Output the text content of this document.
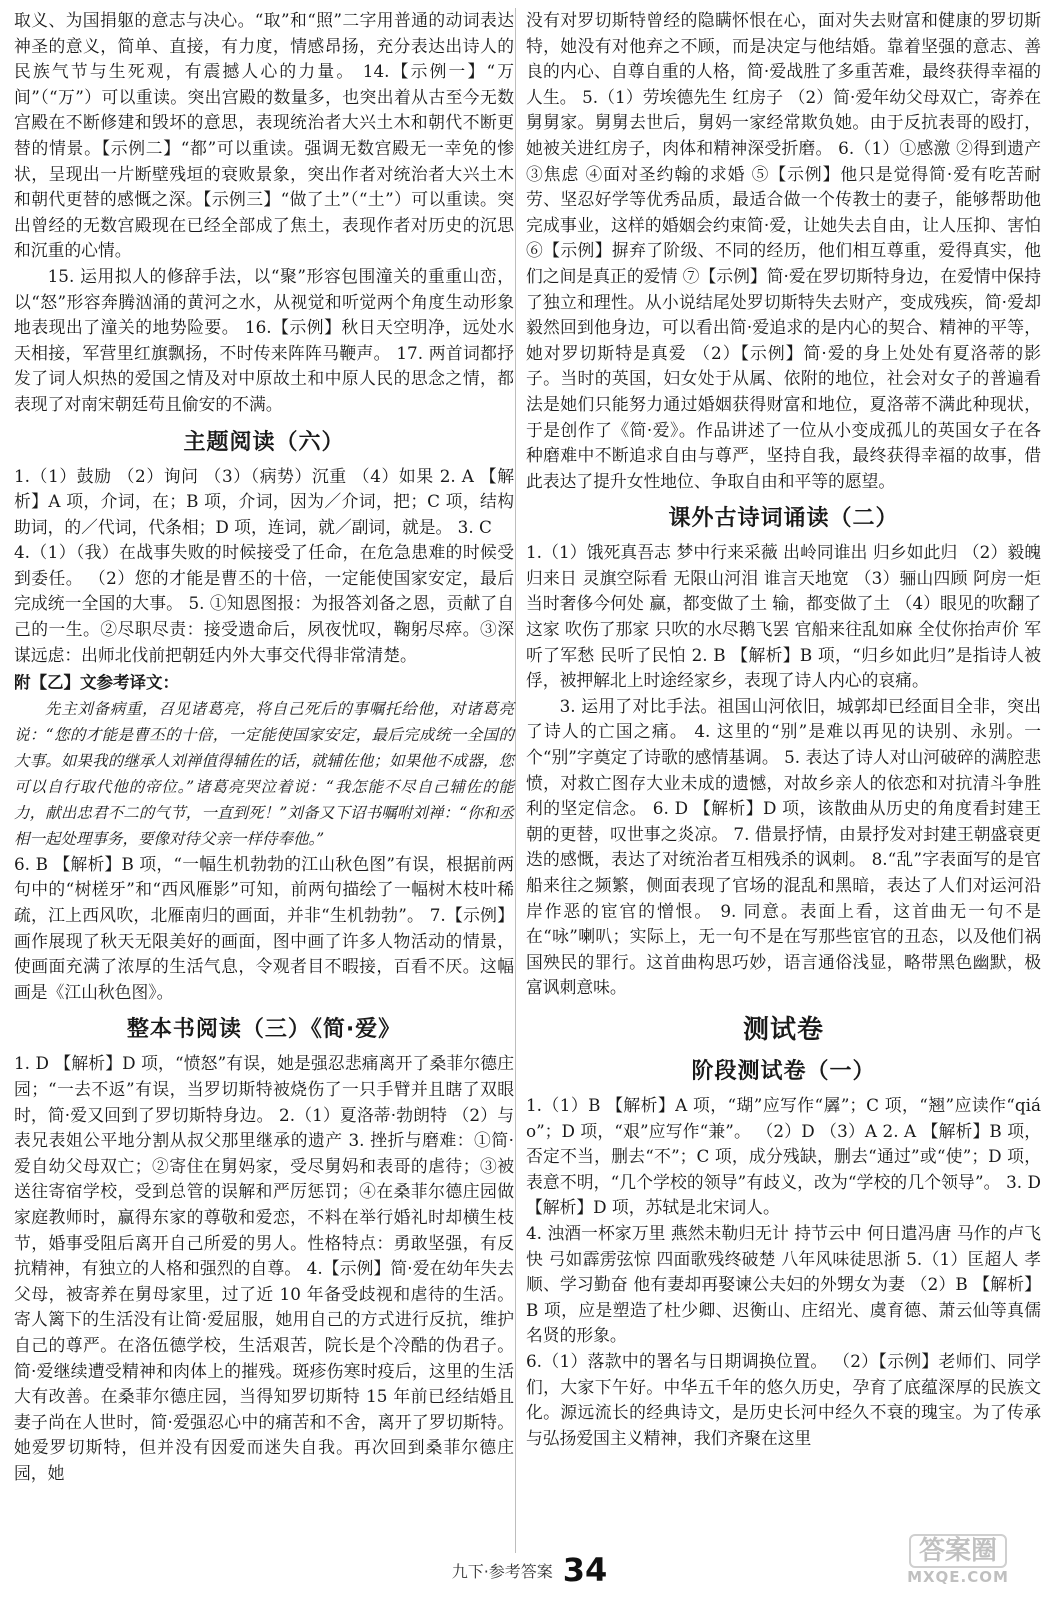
取义、为国捐躯的意志与决心。“取”和“照”二字用普通的动词表达神圣的意义，简单、直接，有力度，情感昂扬，充分表达出诗人的民族气节与生死观，有震撼人心的力量。 14.【示例一】“万间”（“万”）可以重读。突出宫殿的数量多，也突出着从古至今无数宫殿在不断修建和毁坏的意思，表现统治者大兴土木和朝代不断更替的情景。【示例二】“都”可以重读。强调无数宫殿无一幸免的惨状，呈现出一片断壁残垣的衰败景象，突出作者对统治者大兴土木和朝代更替的感慨之深。【示例三】“做了土”（“土”）可以重读。突出曾经的无数宫殿现在已经全部成了焦土，表现作者对历史的沉思和沉重的心情。

15. 运用拟人的修辞手法，以“聚”形容包围潼关的重重山峦，以“怒”形容奔腾汹涌的黄河之水，从视觉和听觉两个角度生动形象地表现出了潼关的地势险要。 16.【示例】秋日天空明净，远处水天相接，军营里红旗飘扬，不时传来阵阵马鞭声。 17. 两首词都抒发了词人炽热的爱国之情及对中原故土和中原人民的思念之情，都表现了对南宋朝廷苟且偷安的不满。

主题阅读（六）

1.（1）鼓励 （2）询问 （3）（病势）沉重 （4）如果 2. A 【解析】A 项，介词，在；B 项，介词，因为／介词，把；C 项，结构助词，的／代词，代条相；D 项，连词，就／副词，就是。 3. C

4.（1）（我）在战事失败的时候接受了任命，在危急患难的时候受到委任。 （2）您的才能是曹丕的十倍，一定能使国家安定，最后完成统一全国的大事。 5. ①知恩图报：为报答刘备之恩，贡献了自己的一生。②尽职尽责：接受遗命后，夙夜忧叹，鞠躬尽瘁。③深谋远虑：出师北伐前把朝廷内外大事交代得非常清楚。

附【乙】文参考译文：

先主刘备病重，召见诸葛亮，将自己死后的事嘱托给他，对诸葛亮说：“您的才能是曹丕的十倍，一定能使国家安定，最后完成统一全国的大事。如果我的继承人刘禅值得辅佐的话，就辅佐他；如果他不成器，您可以自行取代他的帝位。”诸葛亮哭泣着说：“我怎能不尽自己辅佐的能力，献出忠君不二的气节，一直到死！”刘备又下诏书嘱咐刘禅：“你和丞相一起处理事务，要像对待父亲一样侍奉他。”

6. B 【解析】B 项，“一幅生机勃勃的江山秋色图”有误，根据前两句中的“树槎牙”和“西风雁影”可知，前两句描绘了一幅树木枝叶稀疏，江上西风吹，北雁南归的画面，并非“生机勃勃”。 7.【示例】画作展现了秋天无限美好的画面，图中画了许多人物活动的情景，使画面充满了浓厚的生活气息，令观者目不暇接，百看不厌。这幅画是《江山秋色图》。

整本书阅读（三）《简·爱》

1. D 【解析】D 项，“愤怒”有误，她是强忍悲痛离开了桑菲尔德庄园；“一去不返”有误，当罗切斯特被烧伤了一只手臂并且瞎了双眼时，简·爱又回到了罗切斯特身边。 2.（1）夏洛蒂·勃朗特 （2）与表兄表姐公平地分割从叔父那里继承的遗产 3. 挫折与磨难：①简·爱自幼父母双亡；②寄住在舅妈家，受尽舅妈和表哥的虐待；③被送往寄宿学校，受到总管的误解和严厉惩罚；④在桑菲尔德庄园做家庭教师时，赢得东家的尊敬和爱恋，不料在举行婚礼时却横生枝节，婚事受阻后离开自己所爱的男人。性格特点：勇敢坚强，有反抗精神，有独立的人格和强烈的自尊。 4.【示例】简·爱在幼年失去父母，被寄养在舅母家里，过了近 10 年备受歧视和虐待的生活。寄人篱下的生活没有让简·爱屈服，她用自己的方式进行反抗，维护自己的尊严。在洛伍德学校，生活艰苦，院长是个冷酷的伪君子。简·爱继续遭受精神和肉体上的摧残。斑疹伤寒时疫后，这里的生活大有改善。在桑菲尔德庄园，当得知罗切斯特 15 年前已经结婚且妻子尚在人世时，简·爱强忍心中的痛苦和不舍，离开了罗切斯特。她爱罗切斯特，但并没有因爱而迷失自我。再次回到桑菲尔德庄园，她

没有对罗切斯特曾经的隐瞒怀恨在心，面对失去财富和健康的罗切斯特，她没有对他弃之不顾，而是决定与他结婚。靠着坚强的意志、善良的内心、自尊自重的人格，简·爱战胜了多重苦难，最终获得幸福的人生。 5.（1）劳埃德先生 红房子 （2）简·爱年幼父母双亡，寄养在舅舅家。舅舅去世后，舅妈一家经常欺负她。由于反抗表哥的殴打，她被关进红房子，肉体和精神深受折磨。 6.（1）①感激 ②得到遗产 ③焦虑 ④面对圣约翰的求婚 ⑤【示例】他只是觉得简·爱有吃苦耐劳、坚忍好学等优秀品质，最适合做一个传教士的妻子，能够帮助他完成事业，这样的婚姻会约束简·爱，让她失去自由，让人压抑、害怕 ⑥【示例】摒弃了阶级、不同的经历，他们相互尊重，爱得真实，他们之间是真正的爱情 ⑦【示例】简·爱在罗切斯特身边，在爱情中保持了独立和理性。从小说结尾处罗切斯特失去财产，变成残疾，简·爱却毅然回到他身边，可以看出简·爱追求的是内心的契合、精神的平等，她对罗切斯特是真爱 （2）【示例】简·爱的身上处处有夏洛蒂的影子。当时的英国，妇女处于从属、依附的地位，社会对女子的普遍看法是她们只能努力通过婚姻获得财富和地位，夏洛蒂不满此种现状，于是创作了《简·爱》。作品讲述了一位从小变成孤儿的英国女子在各种磨难中不断追求自由与尊严，坚持自我，最终获得幸福的故事，借此表达了提升女性地位、争取自由和平等的愿望。

课外古诗词诵读（二）

1.（1）饿死真吾志 梦中行来采薇 出岭同谁出 归乡如此归 （2）毅魄归来日 灵旗空际看 无限山河泪 谁言天地宽 （3）骊山四顾 阿房一炬 当时奢侈今何处 赢，都变做了土 输，都变做了土 （4）眼见的吹翻了这家 吹伤了那家 只吹的水尽鹅飞罢 官船来往乱如麻 全仗你抬声价 军听了军愁 民听了民怕 2. B 【解析】B 项，“归乡如此归”是指诗人被俘，被押解北上时途经家乡，表现了诗人内心的哀痛。

3. 运用了对比手法。祖国山河依旧，城郭却已经面目全非，突出了诗人的亡国之痛。 4. 这里的“别”是难以再见的诀别、永别。一个“别”字奠定了诗歌的感情基调。 5. 表达了诗人对山河破碎的满腔悲愤，对救亡图存大业未成的遗憾，对故乡亲人的依恋和对抗清斗争胜利的坚定信念。 6. D 【解析】D 项，该散曲从历史的角度看封建王朝的更替，叹世事之炎凉。 7. 借景抒情，由景抒发对封建王朝盛衰更迭的感慨，表达了对统治者互相残杀的讽刺。 8.“乱”字表面写的是官船来往之频繁，侧面表现了官场的混乱和黑暗，表达了人们对运河沿岸作恶的宦官的憎恨。 9. 同意。表面上看，这首曲无一句不是在“咏”喇叭；实际上，无一句不是在写那些宦官的丑态，以及他们祸国殃民的罪行。这首曲构思巧妙，语言通俗浅显，略带黑色幽默，极富讽刺意味。

测试卷
阶段测试卷（一）

1.（1）B 【解析】A 项，“瑚”应写作“羼”；C 项，“翘”应读作“qiáo”；D 项，“艰”应写作“兼”。 （2）D （3）A 2. A 【解析】B 项，否定不当，删去“不”；C 项，成分残缺，删去“通过”或“使”；D 项，表意不明，“几个学校的领导”有歧义，改为“学校的几个领导”。 3. D 【解析】D 项，苏轼是北宋词人。

4. 浊酒一杯家万里 燕然未勒归无计 持节云中 何日遣冯唐 马作的卢飞快 弓如霹雳弦惊 四面歌残终破楚 八年风味徒思浙 5.（1）匡超人 孝顺、学习勤奋 他有妻却再娶谏公夫妇的外甥女为妻 （2）B 【解析】B 项，应是塑造了杜少卿、迟衡山、庄绍光、虞育德、萧云仙等真儒名贤的形象。

6.（1）落款中的署名与日期调换位置。 （2）【示例】老师们、同学们，大家下午好。中华五千年的悠久历史，孕育了底蕴深厚的民族文化。源远流长的经典诗文，是历史长河中经久不衰的瑰宝。为了传承与弘扬爱国主义精神，我们齐聚在这里

九下·参考答案 34	答案圈
MXQE.COM
